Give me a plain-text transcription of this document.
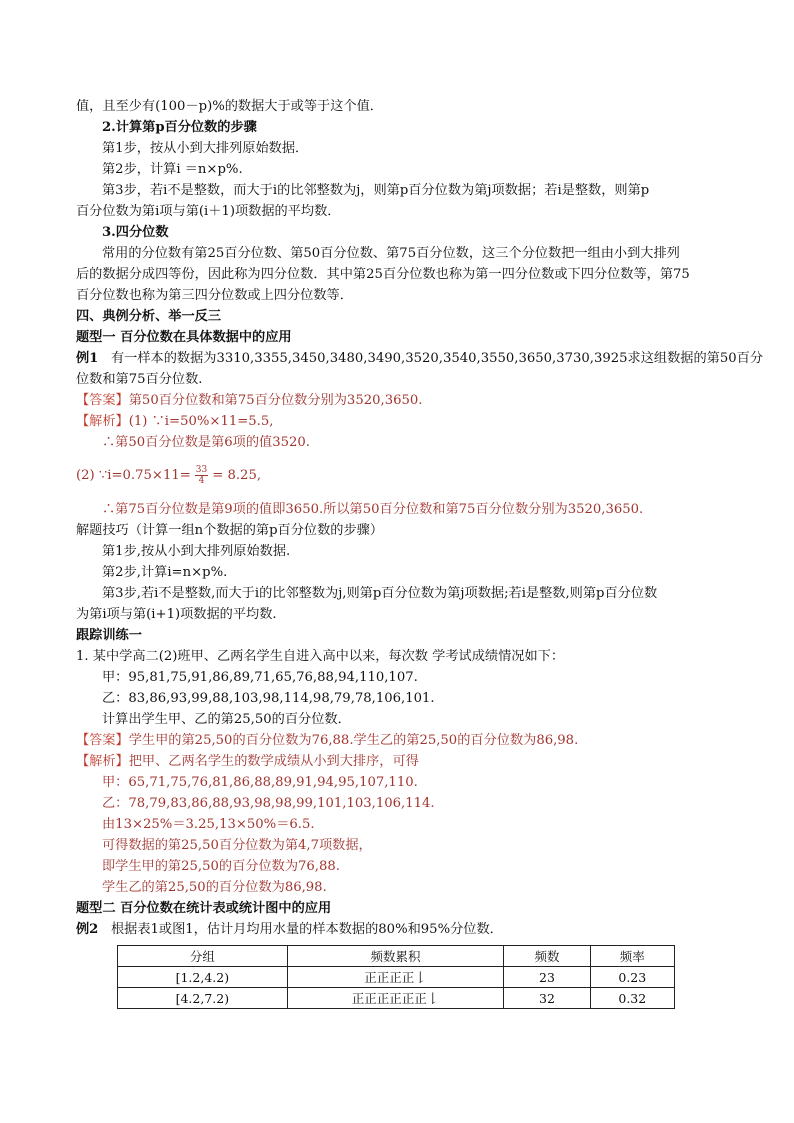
值，且至少有(100－p)%的数据大于或等于这个值．
2.计算第p百分位数的步骤
第1步，按从小到大排列原始数据．
第2步，计算i ＝n×p%.
第3步，若i不是整数，而大于i的比邻整数为j，则第p百分位数为第j项数据；若i是整数，则第p
百分位数为第i项与第(i＋1)项数据的平均数．
3.四分位数
常用的分位数有第25百分位数、第50百分位数、第75百分位数，这三个分位数把一组由小到大排列
后的数据分成四等份，因此称为四分位数．其中第25百分位数也称为第一四分位数或下四分位数等，第75
百分位数也称为第三四分位数或上四分位数等．
四、典例分析、举一反三
题型一 百分位数在具体数据中的应用
例1 有一样本的数据为3310,3355,3450,3480,3490,3520,3540,3550,3650,3730,3925求这组数据的第50百分
位数和第75百分位数.
【答案】第50百分位数和第75百分位数分别为3520,3650.
【解析】(1) ∵i=50%×11=5.5,
∴第50百分位数是第6项的值3520.
(2) ∵i=0.75×11= $\frac{33}{4} = 8.25$,
∴第75百分位数是第9项的值即3650.所以第50百分位数和第75百分位数分别为3520,3650.
解题技巧（计算一组n个数据的第p百分位数的步骤）
第1步,按从小到大排列原始数据.
第2步,计算i=n×p%.
第3步,若i不是整数,而大于i的比邻整数为j,则第p百分位数为第j项数据;若i是整数,则第p百分位数
为第i项与第(i+1)项数据的平均数.
跟踪训练一
1. 某中学高二(2)班甲、乙两名学生自进入高中以来，每次数 学考试成绩情况如下：
甲：95,81,75,91,86,89,71,65,76,88,94,110,107.
乙：83,86,93,99,88,103,98,114,98,79,78,106,101.
计算出学生甲、乙的第25,50的百分位数．
【答案】学生甲的第25,50的百分位数为76,88.学生乙的第25,50的百分位数为86,98.
【解析】把甲、乙两名学生的数学成绩从小到大排序，可得
甲：65,71,75,76,81,86,88,89,91,94,95,107,110.
乙：78,79,83,86,88,93,98,98,99,101,103,106,114.
由13×25%＝3.25,13×50%＝6.5.
可得数据的第25,50百分位数为第4,7项数据，
即学生甲的第25,50的百分位数为76,88.
学生乙的第25,50的百分位数为86,98.
题型二 百分位数在统计表或统计图中的应用
例2 根据表1或图1，估计月均用水量的样本数据的80%和95%分位数．
分组	频数累积	频数	频率
[1.2,4.2)	正正正正𠄌	23	0.23
[4.2,7.2)	正正正正正正𠄌	32	0.32
